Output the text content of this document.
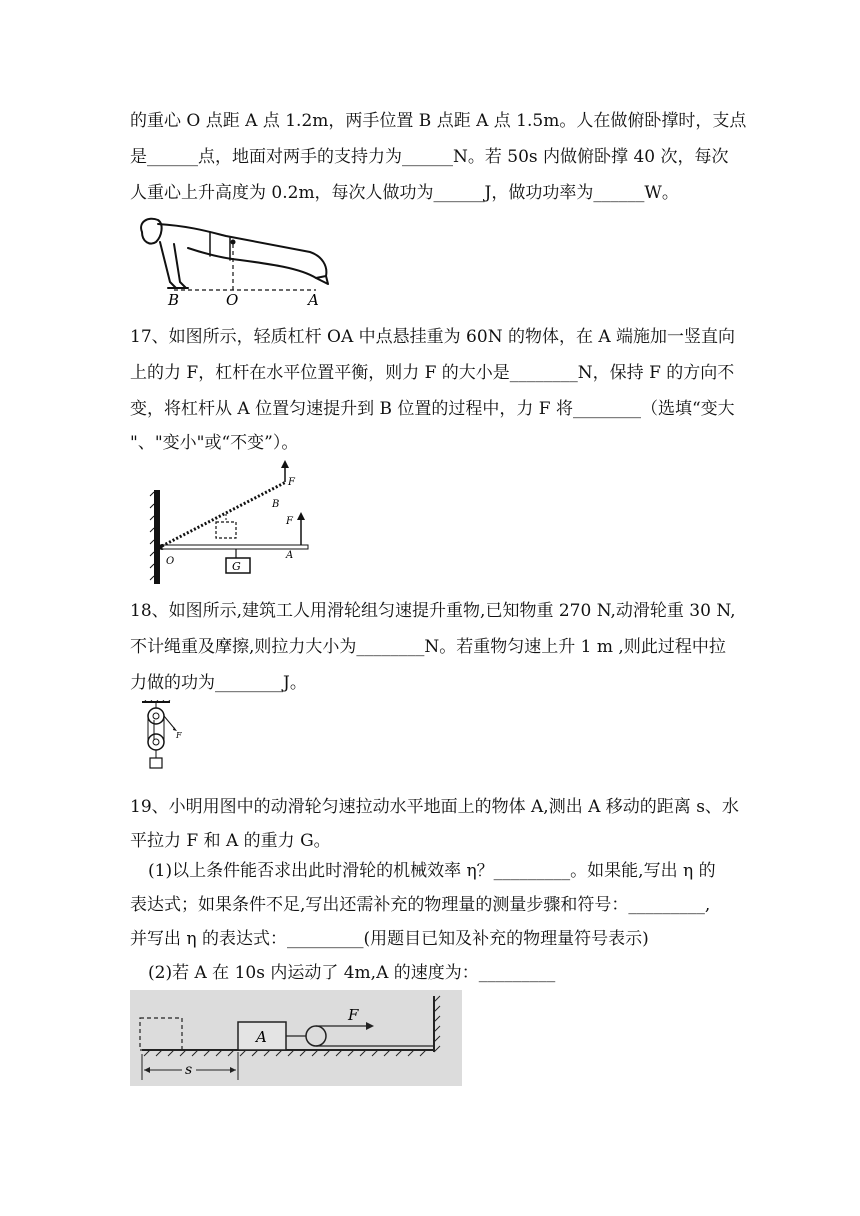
的重心 O 点距 A 点 1.2m，两手位置 B 点距 A 点 1.5m。人在做俯卧撑时，支点
是______点，地面对两手的支持力为______N。若 50s 内做俯卧撑 40 次，每次
人重心上升高度为 0.2m，每次人做功为______J，做功功率为______W。
B	O	A
17、如图所示，轻质杠杆 OA 中点悬挂重为 60N 的物体，在 A 端施加一竖直向
上的力 F，杠杆在水平位置平衡，则力 F 的大小是________N，保持 F 的方向不
变，将杠杆从 A 位置匀速提升到 B 位置的过程中，力 F 将________（选填“变大
"、"变小"或“不变”）。
G
F
F
B
A
O
18、如图所示,建筑工人用滑轮组匀速提升重物,已知物重 270 N,动滑轮重 30 N,
不计绳重及摩擦,则拉力大小为________N。若重物匀速上升 1 m ,则此过程中拉
力做的功为________J。
F
19、小明用图中的动滑轮匀速拉动水平地面上的物体 A,测出 A 移动的距离 s、水
平拉力 F 和 A 的重力 G。
(1)以上条件能否求出此时滑轮的机械效率 η？_________。如果能,写出 η 的
表达式；如果条件不足,写出还需补充的物理量的测量步骤和符号：_________,
并写出 η 的表达式：_________(用题目已知及补充的物理量符号表示)
(2)若 A 在 10s 内运动了 4m,A 的速度为：_________
A
F
s
